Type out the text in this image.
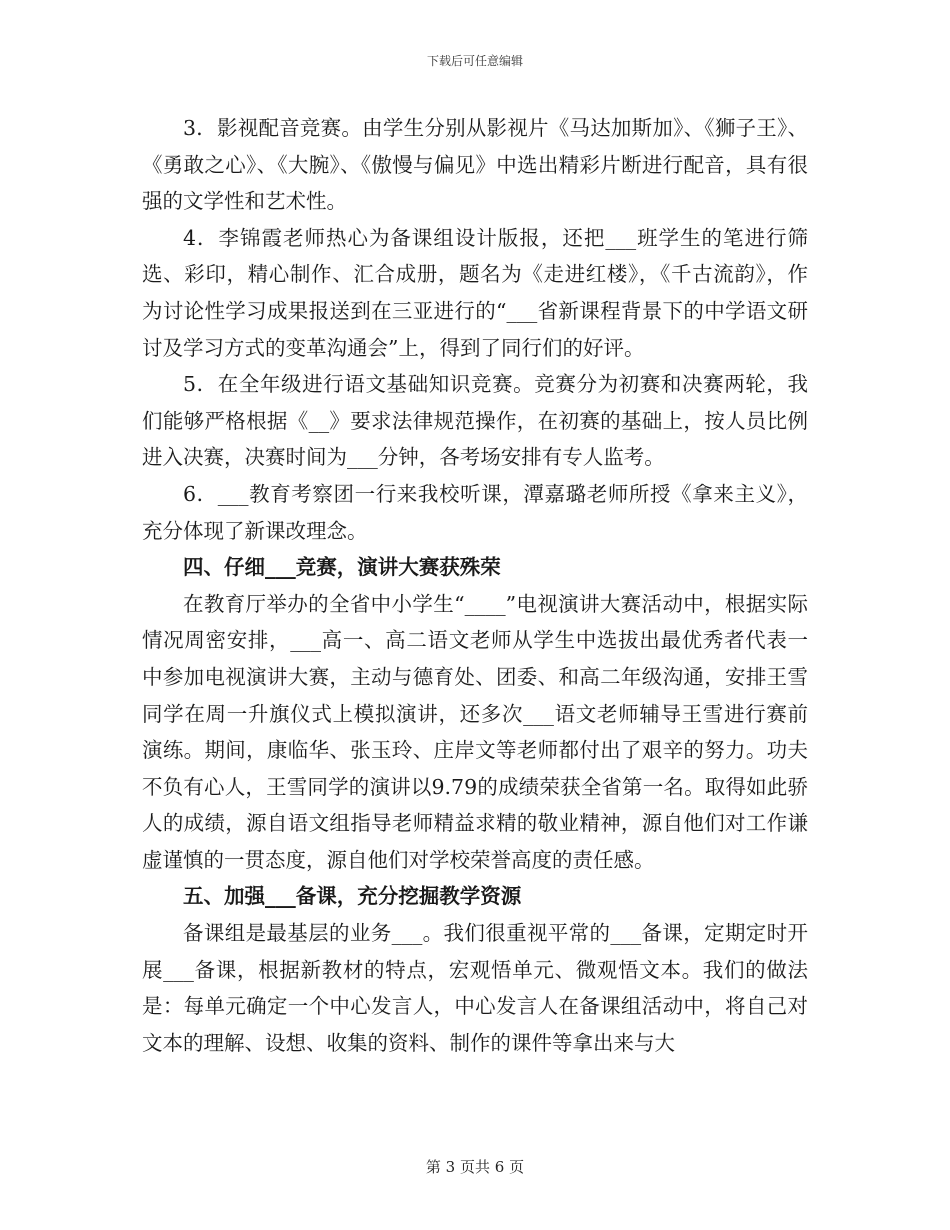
下载后可任意编辑

3．影视配音竞赛。由学生分别从影视片《马达加斯加》、《狮子王》、《勇敢之心》、《大腕》、《傲慢与偏见》中选出精彩片断进行配音，具有很强的文学性和艺术性。

4．李锦霞老师热心为备课组设计版报，还把___班学生的笔进行筛选、彩印，精心制作、汇合成册，题名为《走进红楼》，《千古流韵》，作为讨论性学习成果报送到在三亚进行的“___省新课程背景下的中学语文研讨及学习方式的变革沟通会”上，得到了同行们的好评。

5．在全年级进行语文基础知识竞赛。竞赛分为初赛和决赛两轮，我们能够严格根据《__》要求法律规范操作，在初赛的基础上，按人员比例进入决赛，决赛时间为___分钟，各考场安排有专人监考。

6．___教育考察团一行来我校听课，潭嘉璐老师所授《拿来主义》，充分体现了新课改理念。

四、仔细___竞赛，演讲大赛获殊荣

在教育厅举办的全省中小学生“____”电视演讲大赛活动中，根据实际情况周密安排，___高一、高二语文老师从学生中选拔出最优秀者代表一中参加电视演讲大赛，主动与德育处、团委、和高二年级沟通，安排王雪同学在周一升旗仪式上模拟演讲，还多次___语文老师辅导王雪进行赛前演练。期间，康临华、张玉玲、庄岸文等老师都付出了艰辛的努力。功夫不负有心人，王雪同学的演讲以9.79的成绩荣获全省第一名。取得如此骄人的成绩，源自语文组指导老师精益求精的敬业精神，源自他们对工作谦虚谨慎的一贯态度，源自他们对学校荣誉高度的责任感。

五、加强___备课，充分挖掘教学资源

备课组是最基层的业务___。我们很重视平常的___备课，定期定时开展___备课，根据新教材的特点，宏观悟单元、微观悟文本。我们的做法是：每单元确定一个中心发言人，中心发言人在备课组活动中，将自己对文本的理解、设想、收集的资料、制作的课件等拿出来与大

第 3 页共 6 页
